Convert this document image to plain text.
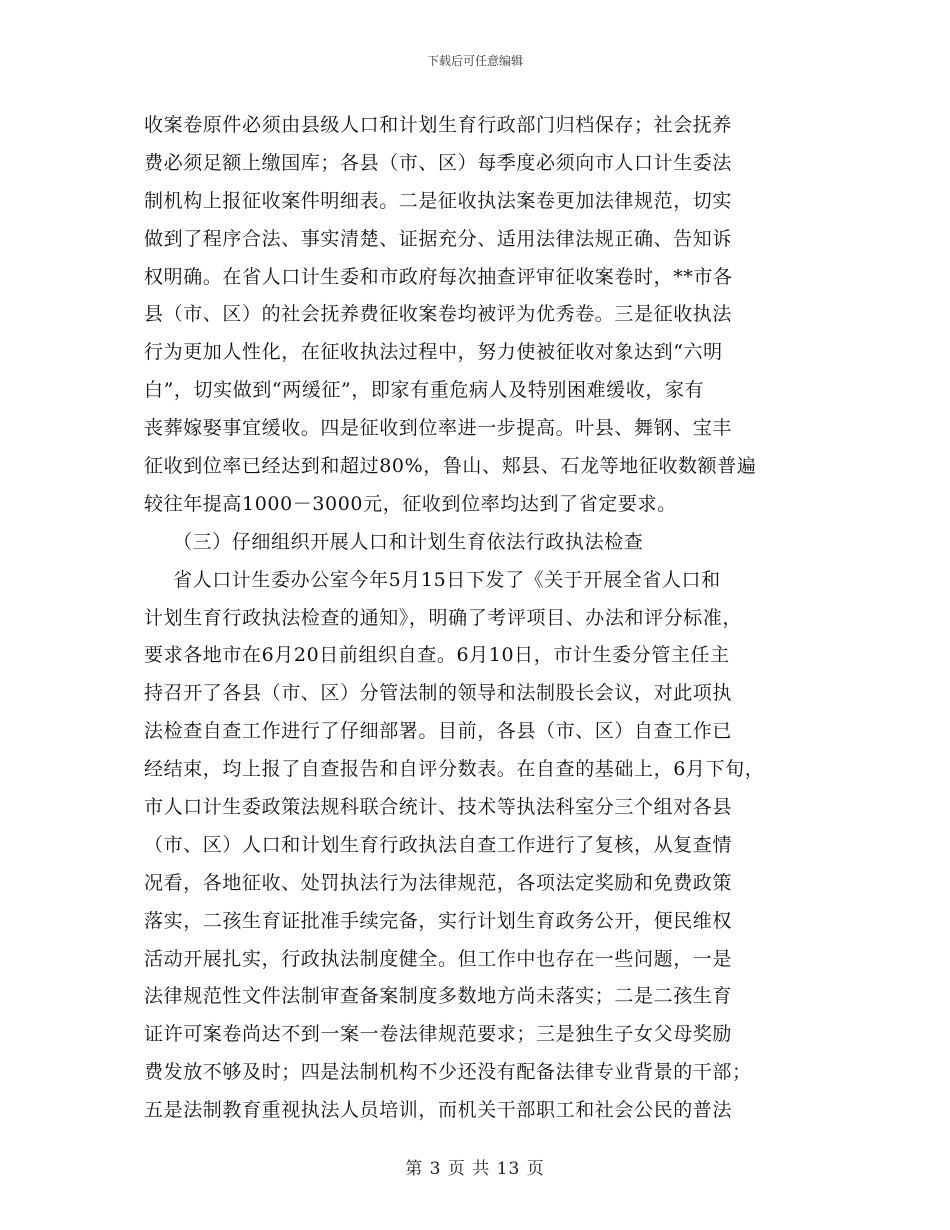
下载后可任意编辑
收案卷原件必须由县级人口和计划生育行政部门归档保存；社会抚养
费必须足额上缴国库；各县（市、区）每季度必须向市人口计生委法
制机构上报征收案件明细表。二是征收执法案卷更加法律规范，切实
做到了程序合法、事实清楚、证据充分、适用法律法规正确、告知诉
权明确。在省人口计生委和市政府每次抽查评审征收案卷时，**市各
县（市、区）的社会抚养费征收案卷均被评为优秀卷。三是征收执法
行为更加人性化，在征收执法过程中，努力使被征收对象达到“六明
白”，切实做到“两缓征”，即家有重危病人及特别困难缓收，家有
丧葬嫁娶事宜缓收。四是征收到位率进一步提高。叶县、舞钢、宝丰
征收到位率已经达到和超过80%，鲁山、郏县、石龙等地征收数额普遍
较往年提高1000－3000元，征收到位率均达到了省定要求。
（三）仔细组织开展人口和计划生育依法行政执法检查
省人口计生委办公室今年5月15日下发了《关于开展全省人口和
计划生育行政执法检查的通知》，明确了考评项目、办法和评分标准，
要求各地市在6月20日前组织自查。6月10日，市计生委分管主任主
持召开了各县（市、区）分管法制的领导和法制股长会议，对此项执
法检查自查工作进行了仔细部署。目前，各县（市、区）自查工作已
经结束，均上报了自查报告和自评分数表。在自查的基础上，6月下旬，
市人口计生委政策法规科联合统计、技术等执法科室分三个组对各县
（市、区）人口和计划生育行政执法自查工作进行了复核，从复查情
况看，各地征收、处罚执法行为法律规范，各项法定奖励和免费政策
落实，二孩生育证批准手续完备，实行计划生育政务公开，便民维权
活动开展扎实，行政执法制度健全。但工作中也存在一些问题，一是
法律规范性文件法制审查备案制度多数地方尚未落实；二是二孩生育
证许可案卷尚达不到一案一卷法律规范要求；三是独生子女父母奖励
费发放不够及时；四是法制机构不少还没有配备法律专业背景的干部；
五是法制教育重视执法人员培训，而机关干部职工和社会公民的普法
第 3 页 共 13 页
